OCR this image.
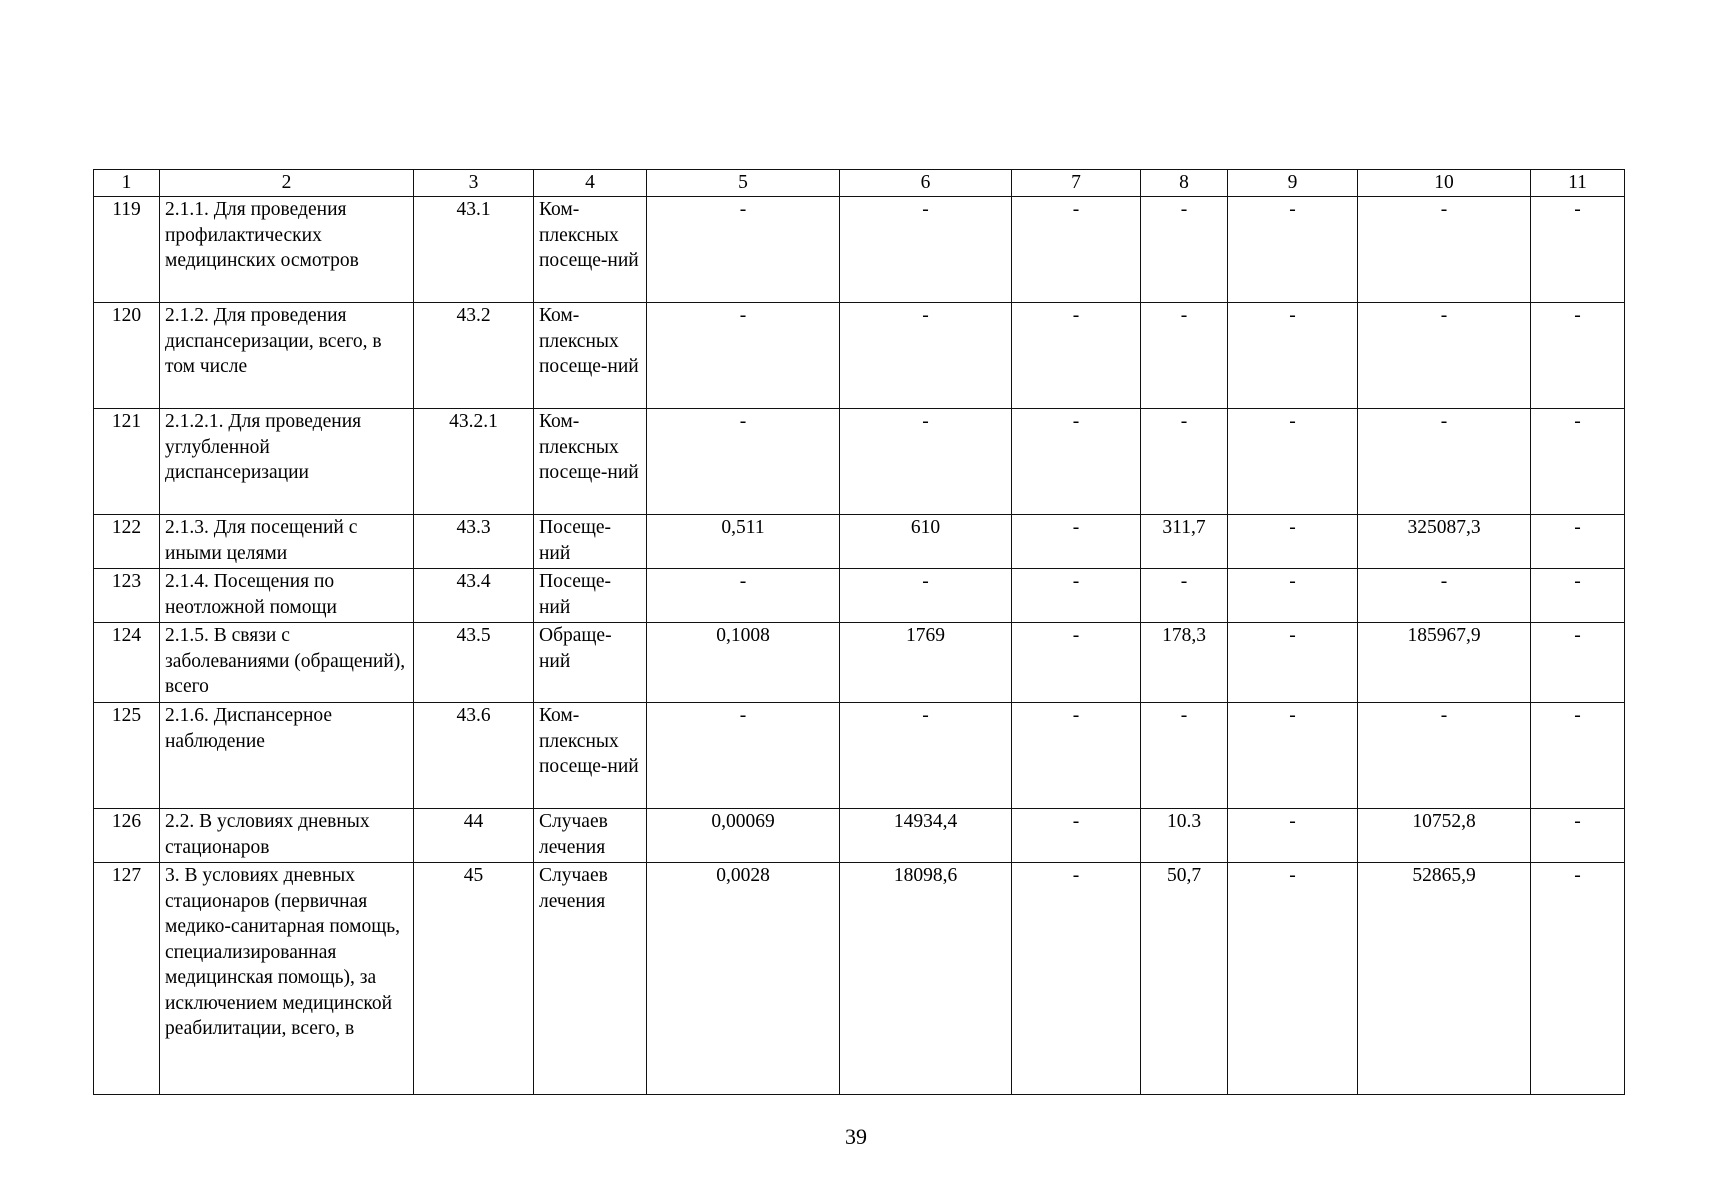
1	2	3	4	5	6	7	8	9	10	11
119	2.1.1. Для проведения профилактических медицинских осмотров	43.1	Ком-плексных посеще-ний	-	-	-	-	-	-	-
120	2.1.2. Для проведения диспансеризации, всего, в том числе	43.2	Ком-плексных посеще-ний	-	-	-	-	-	-	-
121	2.1.2.1. Для проведения углубленной диспансеризации	43.2.1	Ком-плексных посеще-ний	-	-	-	-	-	-	-
122	2.1.3. Для посещений с иными целями	43.3	Посеще-ний	0,511	610	-	311,7	-	325087,3	-
123	2.1.4. Посещения по неотложной помощи	43.4	Посеще-ний	-	-	-	-	-	-	-
124	2.1.5. В связи с заболеваниями (обращений), всего	43.5	Обраще-ний	0,1008	1769	-	178,3	-	185967,9	-
125	2.1.6. Диспансерное наблюдение	43.6	Ком-плексных посеще-ний	-	-	-	-	-	-	-
126	2.2. В условиях дневных стационаров	44	Случаев лечения	0,00069	14934,4	-	10.3	-	10752,8	-
127	3. В условиях дневных стационаров (первичная медико-санитарная помощь, специализированная медицинская помощь), за исключением медицинской реабилитации, всего, в	45	Случаев лечения	0,0028	18098,6	-	50,7	-	52865,9	-
39
